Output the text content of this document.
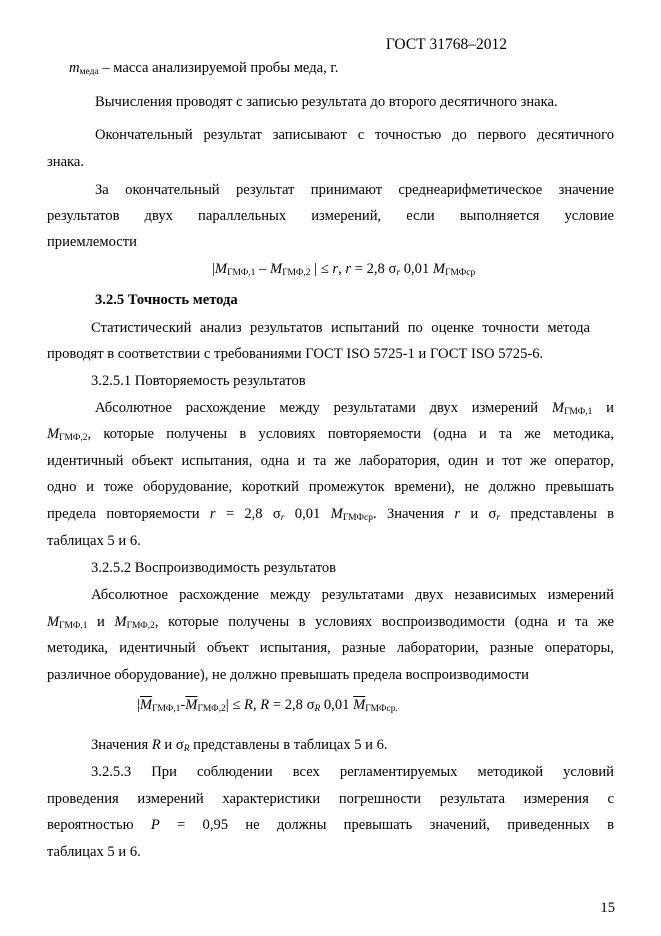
ГОСТ 31768–2012
$m_{меда}$ – масса анализируемой пробы меда, г.
Вычисления проводят с записью результата до второго десятичного знака.
Окончательный результат записывают с точностью до первого десятичного
знака.
За окончательный результат принимают среднеарифметическое значение
результатов двух параллельных измерений, если выполняется условие
приемлемости
$|M_{ГМФ,1} - M_{ГМФ,2}$ | ≤ r, r = 2,8 $\sigma_r$ 0,01 $M_{ГМФср}$
3.2.5 Точность метода
Статистический анализ результатов испытаний по оценке точности метода
проводят в соответствии с требованиями ГОСТ ISO 5725-1 и ГОСТ ISO 5725-6.
3.2.5.1 Повторяемость результатов
Абсолютное расхождение между результатами двух измерений $M_{ГМФ,1}$ и
$M_{ГМФ,2}$, которые получены в условиях повторяемости (одна и та же методика,
идентичный объект испытания, одна и та же лаборатория, один и тот же оператор,
одно и тоже оборудование, короткий промежуток времени), не должно превышать
предела повторяемости r = 2,8 $\sigma_r$ 0,01 $M_{ГМФср}$. Значения r и $\sigma_r$ представлены в
таблицах 5 и 6.
3.2.5.2 Воспроизводимость результатов
Абсолютное расхождение между результатами двух независимых измерений
$M_{ГМФ,1}$ и $M_{ГМФ,2}$, которые получены в условиях воспроизводимости (одна и та же
методика, идентичный объект испытания, разные лаборатории, разные операторы,
различное оборудование), не должно превышать предела воспроизводимости
$|\overline{M}_{ГМФ,1}-\overline{M}_{ГМФ,2}| \le R$, R = 2,8 $\sigma_R$ 0,01 $\overline{M}_{ГМФср.}$
Значения R и $\sigma_R$ представлены в таблицах 5 и 6.
3.2.5.3 При соблюдении всех регламентируемых методикой условий
проведения измерений характеристики погрешности результата измерения с
вероятностью P = 0,95 не должны превышать значений, приведенных в
таблицах 5 и 6.
15
